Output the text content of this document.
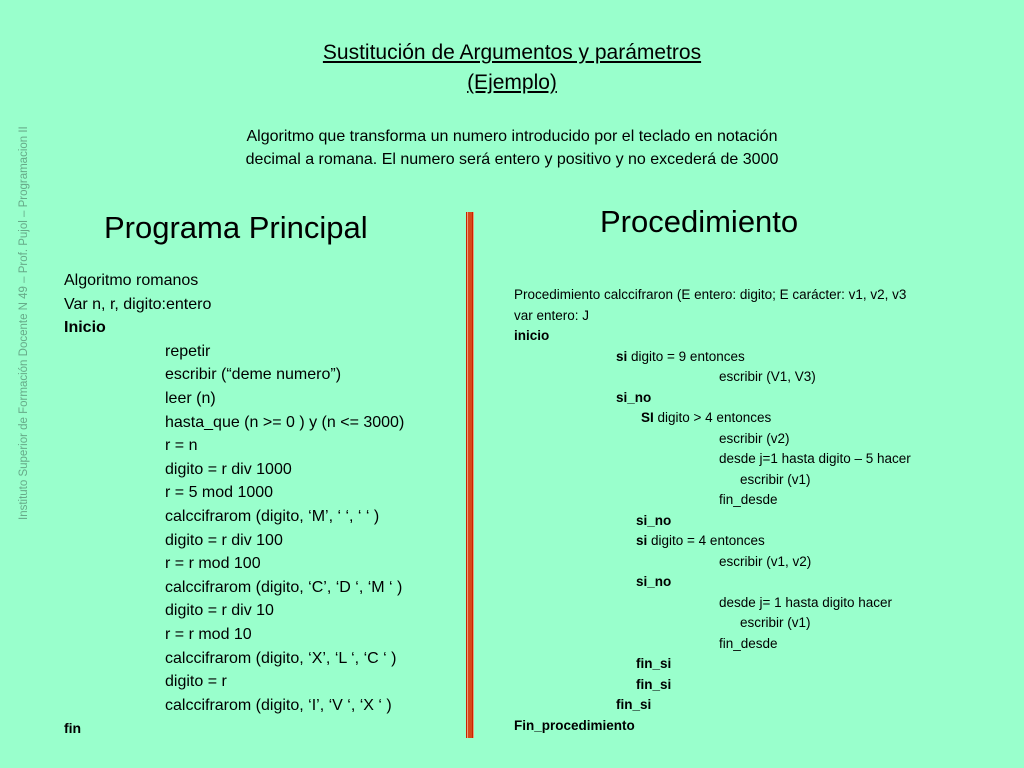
Instituto Superior de Formación Docente N 49 – Prof. Pujol – Programacion II
Sustitución de Argumentos y parámetros
(Ejemplo)
Algoritmo que transforma un numero introducido por el teclado en notación
decimal a romana. El numero será entero y positivo y no excederá de 3000
Programa Principal	Procedimiento
Algoritmo romanos
Var n, r, digito:entero
Inicio
repetir
escribir (“deme numero”)
leer (n)
hasta_que (n >= 0 ) y (n <= 3000)
r = n
digito = r div 1000
r = 5 mod 1000
calccifrarom (digito, ‘M’, ‘ ‘, ‘ ‘ )
digito = r div 100
r = r mod 100
calccifrarom (digito, ‘C’, ‘D ‘, ‘M ‘ )
digito = r div 10
r = r mod 10
calccifrarom (digito, ‘X’, ‘L ‘, ‘C ‘ )
digito = r
calccifrarom (digito, ‘I’, ‘V ‘, ‘X ‘ )
fin
Procedimiento calccifraron (E entero: digito; E carácter: v1, v2, v3
var entero: J
inicio
si digito = 9 entonces
escribir (V1, V3)
si_no
SI digito > 4 entonces
escribir (v2)
desde j=1 hasta digito – 5 hacer
escribir (v1)
fin_desde
si_no
si digito = 4 entonces
escribir (v1, v2)
si_no
desde j= 1 hasta digito hacer
escribir (v1)
fin_desde
fin_si
fin_si
fin_si
Fin_procedimiento
